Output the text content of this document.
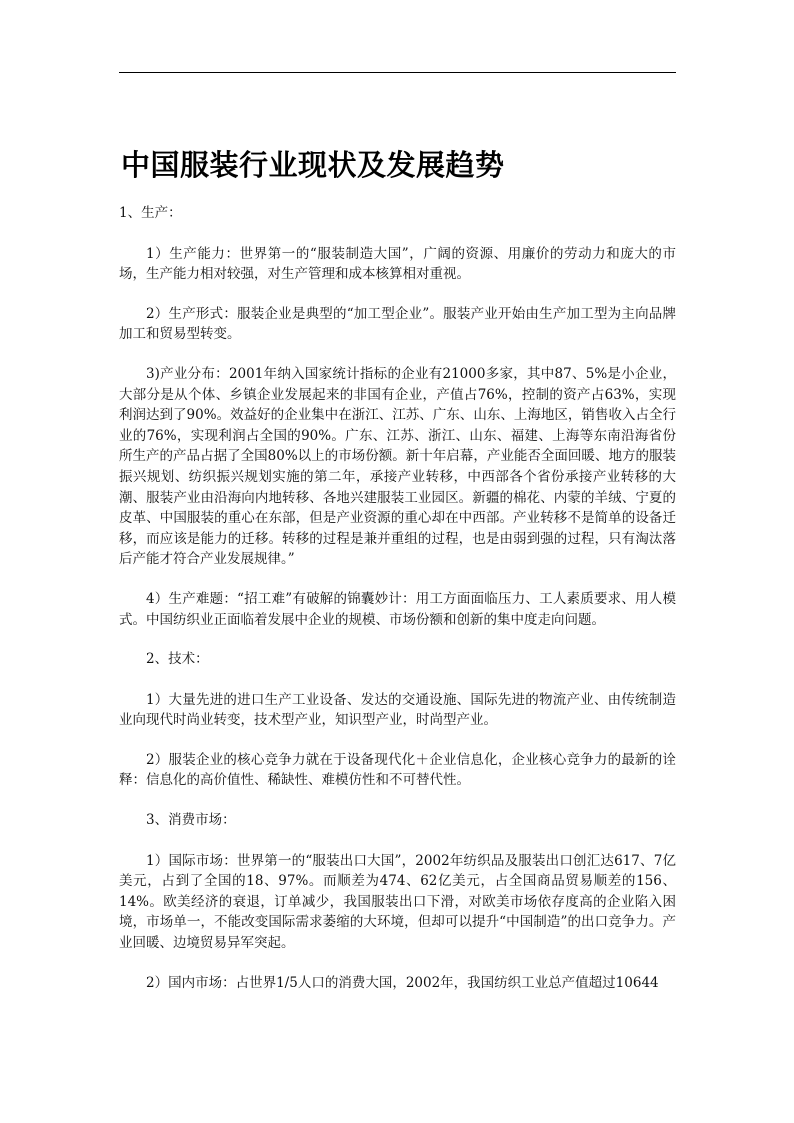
中国服装行业现状及发展趋势

1、生产：

1）生产能力：世界第一的“服装制造大国”，广阔的资源、用廉价的劳动力和庞大的市场，生产能力相对较强，对生产管理和成本核算相对重视。

2）生产形式：服装企业是典型的“加工型企业”。服装产业开始由生产加工型为主向品牌加工和贸易型转变。

3)产业分布：2001年纳入国家统计指标的企业有21000多家，其中87、5%是小企业，大部分是从个体、乡镇企业发展起来的非国有企业，产值占76%，控制的资产占63%，实现利润达到了90%。效益好的企业集中在浙江、江苏、广东、山东、上海地区，销售收入占全行业的76%，实现利润占全国的90%。广东、江苏、浙江、山东、福建、上海等东南沿海省份所生产的产品占据了全国80%以上的市场份额。新十年启幕，产业能否全面回暖、地方的服装振兴规划、纺织振兴规划实施的第二年，承接产业转移，中西部各个省份承接产业转移的大潮、服装产业由沿海向内地转移、各地兴建服装工业园区。新疆的棉花、内蒙的羊绒、宁夏的皮革、中国服装的重心在东部，但是产业资源的重心却在中西部。产业转移不是简单的设备迁移，而应该是能力的迁移。转移的过程是兼并重组的过程，也是由弱到强的过程，只有淘汰落后产能才符合产业发展规律。”

4）生产难题：“招工难”有破解的锦囊妙计：用工方面面临压力、工人素质要求、用人模式。中国纺织业正面临着发展中企业的规模、市场份额和创新的集中度走向问题。

2、技术：

1）大量先进的进口生产工业设备、发达的交通设施、国际先进的物流产业、由传统制造业向现代时尚业转变，技术型产业，知识型产业，时尚型产业。

2）服装企业的核心竞争力就在于设备现代化＋企业信息化，企业核心竞争力的最新的诠释：信息化的高价值性、稀缺性、难模仿性和不可替代性。

3、消费市场：

1）国际市场：世界第一的“服装出口大国”，2002年纺织品及服装出口创汇达617、7亿美元，占到了全国的18、97%。而顺差为474、62亿美元，占全国商品贸易顺差的156、14%。欧美经济的衰退，订单减少，我国服装出口下滑，对欧美市场依存度高的企业陷入困境，市场单一，不能改变国际需求萎缩的大环境，但却可以提升“中国制造”的出口竞争力。产业回暖、边境贸易异军突起。

2）国内市场：占世界1/5人口的消费大国，2002年，我国纺织工业总产值超过10644
